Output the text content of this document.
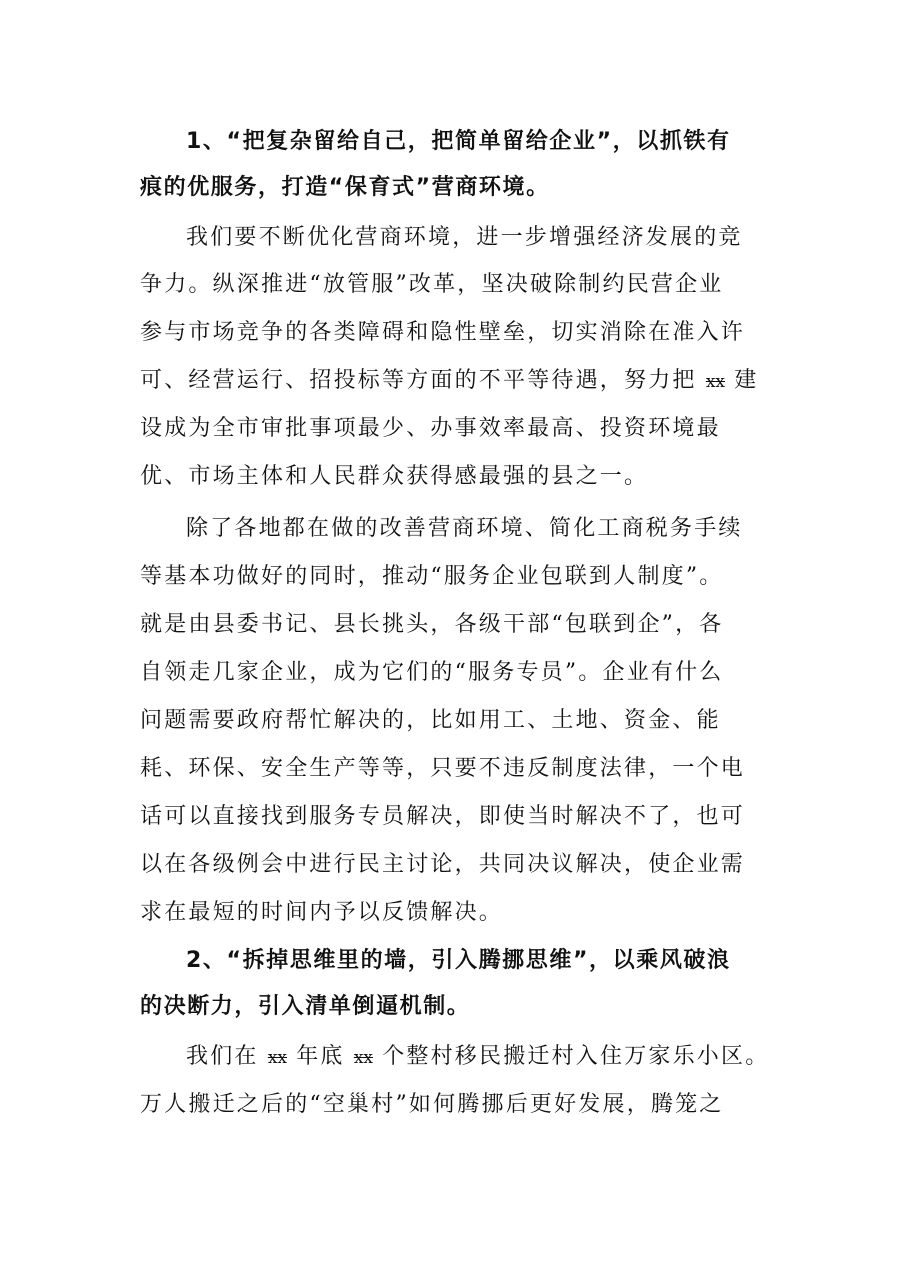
1、“把复杂留给自己，把简单留给企业”，以抓铁有
痕的优服务，打造“保育式”营商环境。
我们要不断优化营商环境，进一步增强经济发展的竞
争力。纵深推进“放管服”改革，坚决破除制约民营企业
参与市场竞争的各类障碍和隐性壁垒，切实消除在准入许
可、经营运行、招投标等方面的不平等待遇，努力把 xx 建
设成为全市审批事项最少、办事效率最高、投资环境最
优、市场主体和人民群众获得感最强的县之一。
除了各地都在做的改善营商环境、简化工商税务手续
等基本功做好的同时，推动“服务企业包联到人制度”。
就是由县委书记、县长挑头，各级干部“包联到企”，各
自领走几家企业，成为它们的“服务专员”。企业有什么
问题需要政府帮忙解决的，比如用工、土地、资金、能
耗、环保、安全生产等等，只要不违反制度法律，一个电
话可以直接找到服务专员解决，即使当时解决不了，也可
以在各级例会中进行民主讨论，共同决议解决，使企业需
求在最短的时间内予以反馈解决。
2、“拆掉思维里的墙，引入腾挪思维”，以乘风破浪
的决断力，引入清单倒逼机制。
我们在 xx 年底 xx 个整村移民搬迁村入住万家乐小区。
万人搬迁之后的“空巢村”如何腾挪后更好发展，腾笼之
